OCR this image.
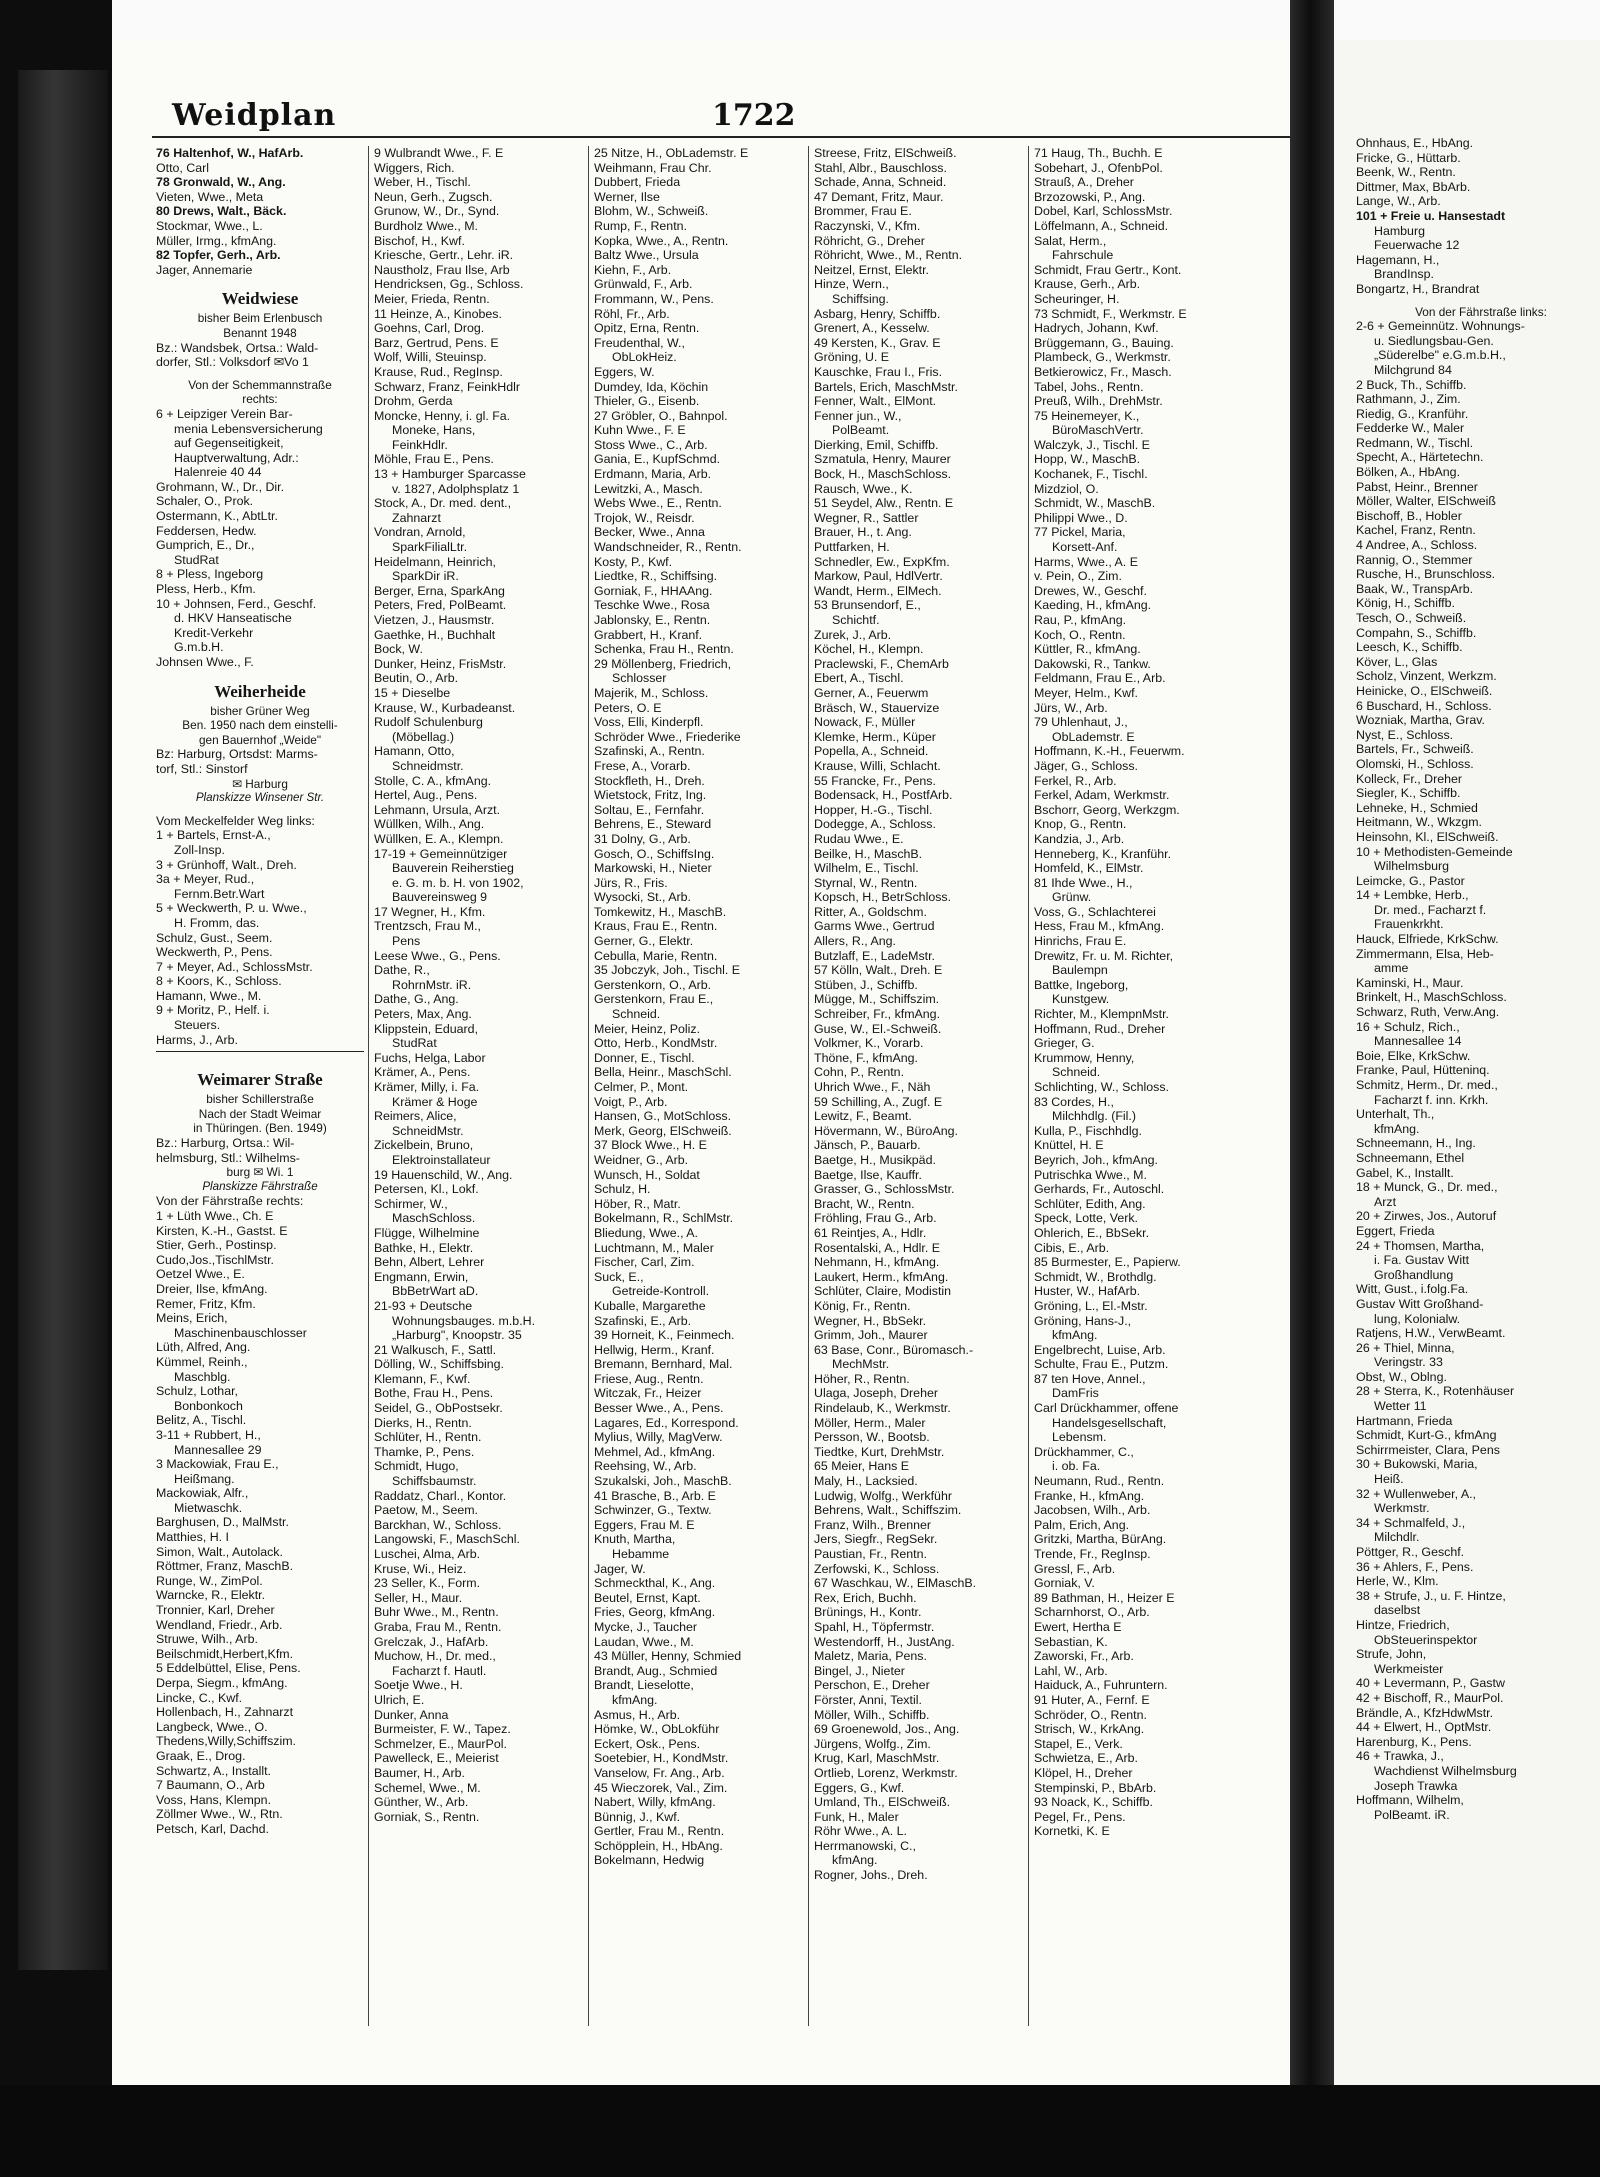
Weidplan	1722
76 Haltenhof, W., HafArb.
Otto, Carl
78 Gronwald, W., Ang.
Vieten, Wwe., Meta
80 Drews, Walt., Bäck.
Stockmar, Wwe., L.
Müller, Irmg., kfmAng.
82 Topfer, Gerh., Arb.
Jager, Annemarie
Weidwiese
bisher Beim Erlenbusch
Benannt 1948
Bz.: Wandsbek, Ortsa.: Wald-
dorfer, Stl.: Volksdorf ✉Vo 1
Von der Schemmannstraße
rechts:
6 + Leipziger Verein Bar-
menia Lebensversicherung
auf Gegenseitigkeit,
Hauptverwaltung, Adr.:
Halenreie 40 44
Grohmann, W., Dr., Dir.
Schaler, O., Prok.
Ostermann, K., AbtLtr.
Feddersen, Hedw.
Gumprich, E., Dr.,
StudRat
8 + Pless, Ingeborg
Pless, Herb., Kfm.
10 + Johnsen, Ferd., Geschf.
d. HKV Hanseatische
Kredit-Verkehr
G.m.b.H.
Johnsen Wwe., F.
Weiherheide
bisher Grüner Weg
Ben. 1950 nach dem einstelli-
gen Bauernhof „Weide"
Bz: Harburg, Ortsdst: Marms-
torf, Stl.: Sinstorf
✉ Harburg
Planskizze Winsener Str.
Vom Meckelfelder Weg links:
1 + Bartels, Ernst-A.,
Zoll-Insp.
3 + Grünhoff, Walt., Dreh.
3a + Meyer, Rud.,
Fernm.Betr.Wart
5 + Weckwerth, P. u. Wwe.,
H. Fromm, das.
Schulz, Gust., Seem.
Weckwerth, P., Pens.
7 + Meyer, Ad., SchlossMstr.
8 + Koors, K., Schloss.
Hamann, Wwe., M.
9 + Moritz, P., Helf. i.
Steuers.
Harms, J., Arb.
Weimarer Straße
bisher Schillerstraße
Nach der Stadt Weimar
in Thüringen. (Ben. 1949)
Bz.: Harburg, Ortsa.: Wil-
helmsburg, Stl.: Wilhelms-
burg ✉ Wi. 1
Planskizze Fährstraße
Von der Fährstraße rechts:
1 + Lüth Wwe., Ch. E
Kirsten, K.-H., Gastst. E
Stier, Gerh., Postinsp.
Cudo,Jos.,TischlMstr.
Oetzel Wwe., E.
Dreier, Ilse, kfmAng.
Remer, Fritz, Kfm.
Meins, Erich,
Maschinenbauschlosser
Lüth, Alfred, Ang.
Kümmel, Reinh.,
Maschblg.
Schulz, Lothar,
Bonbonkoch
Belitz, A., Tischl.
3-11 + Rubbert, H.,
Mannesallee 29
3 Mackowiak, Frau E.,
Heißmang.
Mackowiak, Alfr.,
Mietwaschk.
Barghusen, D., MalMstr.
Matthies, H. I
Simon, Walt., Autolack.
Röttmer, Franz, MaschB.
Runge, W., ZimPol.
Warncke, R., Elektr.
Tronnier, Karl, Dreher
Wendland, Friedr., Arb.
Struwe, Wilh., Arb.
Beilschmidt,Herbert,Kfm.
5 Eddelbüttel, Elise, Pens.
Derpa, Siegm., kfmAng.
Lincke, C., Kwf.
Hollenbach, H., Zahnarzt
Langbeck, Wwe., O.
Thedens,Willy,Schiffszim.
Graak, E., Drog.
Schwartz, A., Installt.
7 Baumann, O., Arb
Voss, Hans, Klempn.
Zöllmer Wwe., W., Rtn.
Petsch, Karl, Dachd.
9 Wulbrandt Wwe., F. E
Wiggers, Rich.
Weber, H., Tischl.
Neun, Gerh., Zugsch.
Grunow, W., Dr., Synd.
Burdholz Wwe., M.
Bischof, H., Kwf.
Kriesche, Gertr., Lehr. iR.
Naustholz, Frau Ilse, Arb
Hendricksen, Gg., Schloss.
Meier, Frieda, Rentn.
11 Heinze, A., Kinobes.
Goehns, Carl, Drog.
Barz, Gertrud, Pens. E
Wolf, Willi, Steuinsp.
Krause, Rud., RegInsp.
Schwarz, Franz, FeinkHdlr
Drohm, Gerda
Moncke, Henny, i. gl. Fa.
Moneke, Hans,
FeinkHdlr.
Möhle, Frau E., Pens.
13 + Hamburger Sparcasse
v. 1827, Adolphsplatz 1
Stock, A., Dr. med. dent.,
Zahnarzt
Vondran, Arnold,
SparkFilialLtr.
Heidelmann, Heinrich,
SparkDir iR.
Berger, Erna, SparkAng
Peters, Fred, PolBeamt.
Vietzen, J., Hausmstr.
Gaethke, H., Buchhalt
Bock, W.
Dunker, Heinz, FrisMstr.
Beutin, O., Arb.
15 + Dieselbe
Krause, W., Kurbadeanst.
Rudolf Schulenburg
(Möbellag.)
Hamann, Otto,
Schneidmstr.
Stolle, C. A., kfmAng.
Hertel, Aug., Pens.
Lehmann, Ursula, Arzt.
Wüllken, Wilh., Ang.
Wüllken, E. A., Klempn.
17-19 + Gemeinnütziger
Bauverein Reiherstieg
e. G. m. b. H. von 1902,
Bauvereinsweg 9
17 Wegner, H., Kfm.
Trentzsch, Frau M.,
Pens
Leese Wwe., G., Pens.
Dathe, R.,
RohrnMstr. iR.
Dathe, G., Ang.
Peters, Max, Ang.
Klippstein, Eduard,
StudRat
Fuchs, Helga, Labor
Krämer, A., Pens.
Krämer, Milly, i. Fa.
Krämer & Hoge
Reimers, Alice,
SchneidMstr.
Zickelbein, Bruno,
Elektroinstallateur
19 Hauenschild, W., Ang.
Petersen, Kl., Lokf.
Schirmer, W.,
MaschSchloss.
Flügge, Wilhelmine
Bathke, H., Elektr.
Behn, Albert, Lehrer
Engmann, Erwin,
BbBetrWart aD.
21-93 + Deutsche
Wohnungsbauges. m.b.H.
„Harburg", Knoopstr. 35
21 Walkusch, F., Sattl.
Dölling, W., Schiffsbing.
Klemann, F., Kwf.
Bothe, Frau H., Pens.
Seidel, G., ObPostsekr.
Dierks, H., Rentn.
Schlüter, H., Rentn.
Thamke, P., Pens.
Schmidt, Hugo,
Schiffsbaumstr.
Raddatz, Charl., Kontor.
Paetow, M., Seem.
Barckhan, W., Schloss.
Langowski, F., MaschSchl.
Luschei, Alma, Arb.
Kruse, Wi., Heiz.
23 Seller, K., Form.
Seller, H., Maur.
Buhr Wwe., M., Rentn.
Graba, Frau M., Rentn.
Grelczak, J., HafArb.
Muchow, H., Dr. med.,
Facharzt f. Hautl.
Soetje Wwe., H.
Ulrich, E.
Dunker, Anna
Burmeister, F. W., Tapez.
Schmelzer, E., MaurPol.
Pawelleck, E., Meierist
Baumer, H., Arb.
Schemel, Wwe., M.
Günther, W., Arb.
Gorniak, S., Rentn.
25 Nitze, H., ObLademstr. E
Weihmann, Frau Chr.
Dubbert, Frieda
Werner, Ilse
Blohm, W., Schweiß.
Rump, F., Rentn.
Kopka, Wwe., A., Rentn.
Baltz Wwe., Ursula
Kiehn, F., Arb.
Grünwald, F., Arb.
Frommann, W., Pens.
Röhl, Fr., Arb.
Opitz, Erna, Rentn.
Freudenthal, W.,
ObLokHeiz.
Eggers, W.
Dumdey, Ida, Köchin
Thieler, G., Eisenb.
27 Gröbler, O., Bahnpol.
Kuhn Wwe., F. E
Stoss Wwe., C., Arb.
Gania, E., KupfSchmd.
Erdmann, Maria, Arb.
Lewitzki, A., Masch.
Webs Wwe., E., Rentn.
Trojok, W., Reisdr.
Becker, Wwe., Anna
Wandschneider, R., Rentn.
Kosty, P., Kwf.
Liedtke, R., Schiffsing.
Gorniak, F., HHAAng.
Teschke Wwe., Rosa
Jablonsky, E., Rentn.
Grabbert, H., Kranf.
Schenka, Frau H., Rentn.
29 Möllenberg, Friedrich,
Schlosser
Majerik, M., Schloss.
Peters, O. E
Voss, Elli, Kinderpfl.
Schröder Wwe., Friederike
Szafinski, A., Rentn.
Frese, A., Vorarb.
Stockfleth, H., Dreh.
Wietstock, Fritz, Ing.
Soltau, E., Fernfahr.
Behrens, E., Steward
31 Dolny, G., Arb.
Gosch, O., SchiffsIng.
Markowski, H., Nieter
Jürs, R., Fris.
Wysocki, St., Arb.
Tomkewitz, H., MaschB.
Kraus, Frau E., Rentn.
Gerner, G., Elektr.
Cebulla, Marie, Rentn.
35 Jobczyk, Joh., Tischl. E
Gerstenkorn, O., Arb.
Gerstenkorn, Frau E.,
Schneid.
Meier, Heinz, Poliz.
Otto, Herb., KondMstr.
Donner, E., Tischl.
Bella, Heinr., MaschSchl.
Celmer, P., Mont.
Voigt, P., Arb.
Hansen, G., MotSchloss.
Merk, Georg, ElSchweiß.
37 Block Wwe., H. E
Weidner, G., Arb.
Wunsch, H., Soldat
Schulz, H.
Höber, R., Matr.
Bokelmann, R., SchlMstr.
Bliedung, Wwe., A.
Luchtmann, M., Maler
Fischer, Carl, Zim.
Suck, E.,
Getreide-Kontroll.
Kuballe, Margarethe
Szafinski, E., Arb.
39 Horneit, K., Feinmech.
Hellwig, Herm., Kranf.
Bremann, Bernhard, Mal.
Friese, Aug., Rentn.
Witczak, Fr., Heizer
Besser Wwe., A., Pens.
Lagares, Ed., Korrespond.
Mylius, Willy, MagVerw.
Mehmel, Ad., kfmAng.
Reehsing, W., Arb.
Szukalski, Joh., MaschB.
41 Brasche, B., Arb. E
Schwinzer, G., Textw.
Eggers, Frau M. E
Knuth, Martha,
Hebamme
Jager, W.
Schmeckthal, K., Ang.
Beutel, Ernst, Kapt.
Fries, Georg, kfmAng.
Mycke, J., Taucher
Laudan, Wwe., M.
43 Müller, Henny, Schmied
Brandt, Aug., Schmied
Brandt, Lieselotte,
kfmAng.
Asmus, H., Arb.
Hömke, W., ObLokführ
Eckert, Osk., Pens.
Soetebier, H., KondMstr.
Vanselow, Fr. Ang., Arb.
45 Wieczorek, Val., Zim.
Nabert, Willy, kfmAng.
Bünnig, J., Kwf.
Gertler, Frau M., Rentn.
Schöpplein, H., HbAng.
Bokelmann, Hedwig
Streese, Fritz, ElSchweiß.
Stahl, Albr., Bauschloss.
Schade, Anna, Schneid.
47 Demant, Fritz, Maur.
Brommer, Frau E.
Raczynski, V., Kfm.
Röhricht, G., Dreher
Röhricht, Wwe., M., Rentn.
Neitzel, Ernst, Elektr.
Hinze, Wern.,
Schiffsing.
Asbarg, Henry, Schiffb.
Grenert, A., Kesselw.
49 Kersten, K., Grav. E
Gröning, U. E
Kauschke, Frau I., Fris.
Bartels, Erich, MaschMstr.
Fenner, Walt., ElMont.
Fenner jun., W.,
PolBeamt.
Dierking, Emil, Schiffb.
Szmatula, Henry, Maurer
Bock, H., MaschSchloss.
Rausch, Wwe., K.
51 Seydel, Alw., Rentn. E
Wegner, R., Sattler
Brauer, H., t. Ang.
Puttfarken, H.
Schnedler, Ew., ExpKfm.
Markow, Paul, HdlVertr.
Wandt, Herm., ElMech.
53 Brunsendorf, E.,
Schichtf.
Zurek, J., Arb.
Köchel, H., Klempn.
Praclewski, F., ChemArb
Ebert, A., Tischl.
Gerner, A., Feuerwm
Bräsch, W., Stauervize
Nowack, F., Müller
Klemke, Herm., Küper
Popella, A., Schneid.
Krause, Willi, Schlacht.
55 Francke, Fr., Pens.
Bodensack, H., PostfArb.
Hopper, H.-G., Tischl.
Dodegge, A., Schloss.
Rudau Wwe., E.
Beilke, H., MaschB.
Wilhelm, E., Tischl.
Styrnal, W., Rentn.
Kopsch, H., BetrSchloss.
Ritter, A., Goldschm.
Garms Wwe., Gertrud
Allers, R., Ang.
Butzlaff, E., LadeMstr.
57 Kölln, Walt., Dreh. E
Stüben, J., Schiffb.
Mügge, M., Schiffszim.
Schreiber, Fr., kfmAng.
Guse, W., El.-Schweiß.
Volkmer, K., Vorarb.
Thöne, F., kfmAng.
Cohn, P., Rentn.
Uhrich Wwe., F., Näh
59 Schilling, A., Zugf. E
Lewitz, F., Beamt.
Hövermann, W., BüroAng.
Jänsch, P., Bauarb.
Baetge, H., Musikpäd.
Baetge, Ilse, Kauffr.
Grasser, G., SchlossMstr.
Bracht, W., Rentn.
Fröhling, Frau G., Arb.
61 Reintjes, A., Hdlr.
Rosentalski, A., Hdlr. E
Nehmann, H., kfmAng.
Laukert, Herm., kfmAng.
Schlüter, Claire, Modistin
König, Fr., Rentn.
Wegner, H., BbSekr.
Grimm, Joh., Maurer
63 Base, Conr., Büromasch.-
MechMstr.
Höher, R., Rentn.
Ulaga, Joseph, Dreher
Rindelaub, K., Werkmstr.
Möller, Herm., Maler
Persson, W., Bootsb.
Tiedtke, Kurt, DrehMstr.
65 Meier, Hans E
Maly, H., Lacksied.
Ludwig, Wolfg., Werkführ
Behrens, Walt., Schiffszim.
Franz, Wilh., Brenner
Jers, Siegfr., RegSekr.
Paustian, Fr., Rentn.
Zerfowski, K., Schloss.
67 Waschkau, W., ElMaschB.
Rex, Erich, Buchh.
Brünings, H., Kontr.
Spahl, H., Töpfermstr.
Westendorff, H., JustAng.
Maletz, Maria, Pens.
Bingel, J., Nieter
Perschon, E., Dreher
Förster, Anni, Textil.
Möller, Wilh., Schiffb.
69 Groenewold, Jos., Ang.
Jürgens, Wolfg., Zim.
Krug, Karl, MaschMstr.
Ortlieb, Lorenz, Werkmstr.
Eggers, G., Kwf.
Umland, Th., ElSchweiß.
Funk, H., Maler
Röhr Wwe., A. L.
Herrmanowski, C.,
kfmAng.
Rogner, Johs., Dreh.
71 Haug, Th., Buchh. E
Sobehart, J., OfenbPol.
Strauß, A., Dreher
Brzozowski, P., Ang.
Dobel, Karl, SchlossMstr.
Löffelmann, A., Schneid.
Salat, Herm.,
Fahrschule
Schmidt, Frau Gertr., Kont.
Krause, Gerh., Arb.
Scheuringer, H.
73 Schmidt, F., Werkmstr. E
Hadrych, Johann, Kwf.
Brüggemann, G., Bauing.
Plambeck, G., Werkmstr.
Betkierowicz, Fr., Masch.
Tabel, Johs., Rentn.
Preuß, Wilh., DrehMstr.
75 Heinemeyer, K.,
BüroMaschVertr.
Walczyk, J., Tischl. E
Hopp, W., MaschB.
Kochanek, F., Tischl.
Mizdziol, O.
Schmidt, W., MaschB.
Philippi Wwe., D.
77 Pickel, Maria,
Korsett-Anf.
Harms, Wwe., A. E
v. Pein, O., Zim.
Drewes, W., Geschf.
Kaeding, H., kfmAng.
Rau, P., kfmAng.
Koch, O., Rentn.
Küttler, R., kfmAng.
Dakowski, R., Tankw.
Feldmann, Frau E., Arb.
Meyer, Helm., Kwf.
Jürs, W., Arb.
79 Uhlenhaut, J.,
ObLademstr. E
Hoffmann, K.-H., Feuerwm.
Jäger, G., Schloss.
Ferkel, R., Arb.
Ferkel, Adam, Werkmstr.
Bschorr, Georg, Werkzgm.
Knop, G., Rentn.
Kandzia, J., Arb.
Henneberg, K., Kranführ.
Homfeld, K., ElMstr.
81 Ihde Wwe., H.,
Grünw.
Voss, G., Schlachterei
Hess, Frau M., kfmAng.
Hinrichs, Frau E.
Drewitz, Fr. u. M. Richter,
Baulempn
Battke, Ingeborg,
Kunstgew.
Richter, M., KlempnMstr.
Hoffmann, Rud., Dreher
Grieger, G.
Krummow, Henny,
Schneid.
Schlichting, W., Schloss.
83 Cordes, H.,
Milchhdlg. (Fil.)
Kulla, P., Fischhdlg.
Knüttel, H. E
Beyrich, Joh., kfmAng.
Putrischka Wwe., M.
Gerhards, Fr., Autoschl.
Schlüter, Edith, Ang.
Speck, Lotte, Verk.
Ohlerich, E., BbSekr.
Cibis, E., Arb.
85 Burmester, E., Papierw.
Schmidt, W., Brothdlg.
Huster, W., HafArb.
Gröning, L., El.-Mstr.
Gröning, Hans-J.,
kfmAng.
Engelbrecht, Luise, Arb.
Schulte, Frau E., Putzm.
87 ten Hove, Annel.,
DamFris
Carl Drückhammer, offene
Handelsgesellschaft,
Lebensm.
Drückhammer, C.,
i. ob. Fa.
Neumann, Rud., Rentn.
Franke, H., kfmAng.
Jacobsen, Wilh., Arb.
Palm, Erich, Ang.
Gritzki, Martha, BürAng.
Trende, Fr., RegInsp.
Gressl, F., Arb.
Gorniak, V.
89 Bathman, H., Heizer E
Scharnhorst, O., Arb.
Ewert, Hertha E
Sebastian, K.
Zaworski, Fr., Arb.
Lahl, W., Arb.
Haiduck, A., Fuhruntern.
91 Huter, A., Fernf. E
Schröder, O., Rentn.
Strisch, W., KrkAng.
Stapel, E., Verk.
Schwietza, E., Arb.
Klöpel, H., Dreher
Stempinski, P., BbArb.
93 Noack, K., Schiffb.
Pegel, Fr., Pens.
Kornetki, K. E
Ohnhaus, E., HbAng.
Fricke, G., Hüttarb.
Beenk, W., Rentn.
Dittmer, Max, BbArb.
Lange, W., Arb.
101 + Freie u. Hansestadt
Hamburg
Feuerwache 12
Hagemann, H.,
BrandInsp.
Bongartz, H., Brandrat
Von der Fährstraße links:
2-6 + Gemeinnütz. Wohnungs-
u. Siedlungsbau-Gen.
„Süderelbe" e.G.m.b.H.,
Milchgrund 84
2 Buck, Th., Schiffb.
Rathmann, J., Zim.
Riedig, G., Kranführ.
Fedderke W., Maler
Redmann, W., Tischl.
Specht, A., Härtetechn.
Bölken, A., HbAng.
Pabst, Heinr., Brenner
Möller, Walter, ElSchweiß
Bischoff, B., Hobler
Kachel, Franz, Rentn.
4 Andree, A., Schloss.
Rannig, O., Stemmer
Rusche, H., Brunschloss.
Baak, W., TranspArb.
König, H., Schiffb.
Tesch, O., Schweiß.
Compahn, S., Schiffb.
Leesch, K., Schiffb.
Köver, L., Glas
Scholz, Vinzent, Werkzm.
Heinicke, O., ElSchweiß.
6 Buschard, H., Schloss.
Wozniak, Martha, Grav.
Nyst, E., Schloss.
Bartels, Fr., Schweiß.
Olomski, H., Schloss.
Kolleck, Fr., Dreher
Siegler, K., Schiffb.
Lehneke, H., Schmied
Heitmann, W., Wkzgm.
Heinsohn, Kl., ElSchweiß.
10 + Methodisten-Gemeinde
Wilhelmsburg
Leimcke, G., Pastor
14 + Lembke, Herb.,
Dr. med., Facharzt f.
Frauenkrkht.
Hauck, Elfriede, KrkSchw.
Zimmermann, Elsa, Heb-
amme
Kaminski, H., Maur.
Brinkelt, H., MaschSchloss.
Schwarz, Ruth, Verw.Ang.
16 + Schulz, Rich.,
Mannesallee 14
Boie, Elke, KrkSchw.
Franke, Paul, Hütteninq.
Schmitz, Herm., Dr. med.,
Facharzt f. inn. Krkh.
Unterhalt, Th.,
kfmAng.
Schneemann, H., Ing.
Schneemann, Ethel
Gabel, K., Installt.
18 + Munck, G., Dr. med.,
Arzt
20 + Zirwes, Jos., Autoruf
Eggert, Frieda
24 + Thomsen, Martha,
i. Fa. Gustav Witt
Großhandlung
Witt, Gust., i.folg.Fa.
Gustav Witt Großhand-
lung, Kolonialw.
Ratjens, H.W., VerwBeamt.
26 + Thiel, Minna,
Veringstr. 33
Obst, W., Oblng.
28 + Sterra, K., Rotenhäuser
Wetter 11
Hartmann, Frieda
Schmidt, Kurt-G., kfmAng
Schirrmeister, Clara, Pens
30 + Bukowski, Maria,
Heiß.
32 + Wullenweber, A.,
Werkmstr.
34 + Schmalfeld, J.,
Milchdlr.
Pöttger, R., Geschf.
36 + Ahlers, F., Pens.
Herle, W., Klm.
38 + Strufe, J., u. F. Hintze,
daselbst
Hintze, Friedrich,
ObSteuerinspektor
Strufe, John,
Werkmeister
40 + Levermann, P., Gastw
42 + Bischoff, R., MaurPol.
Brändle, A., KfzHdwMstr.
44 + Elwert, H., OptMstr.
Harenburg, K., Pens.
46 + Trawka, J.,
Wachdienst Wilhelmsburg
Joseph Trawka
Hoffmann, Wilhelm,
PolBeamt. iR.
